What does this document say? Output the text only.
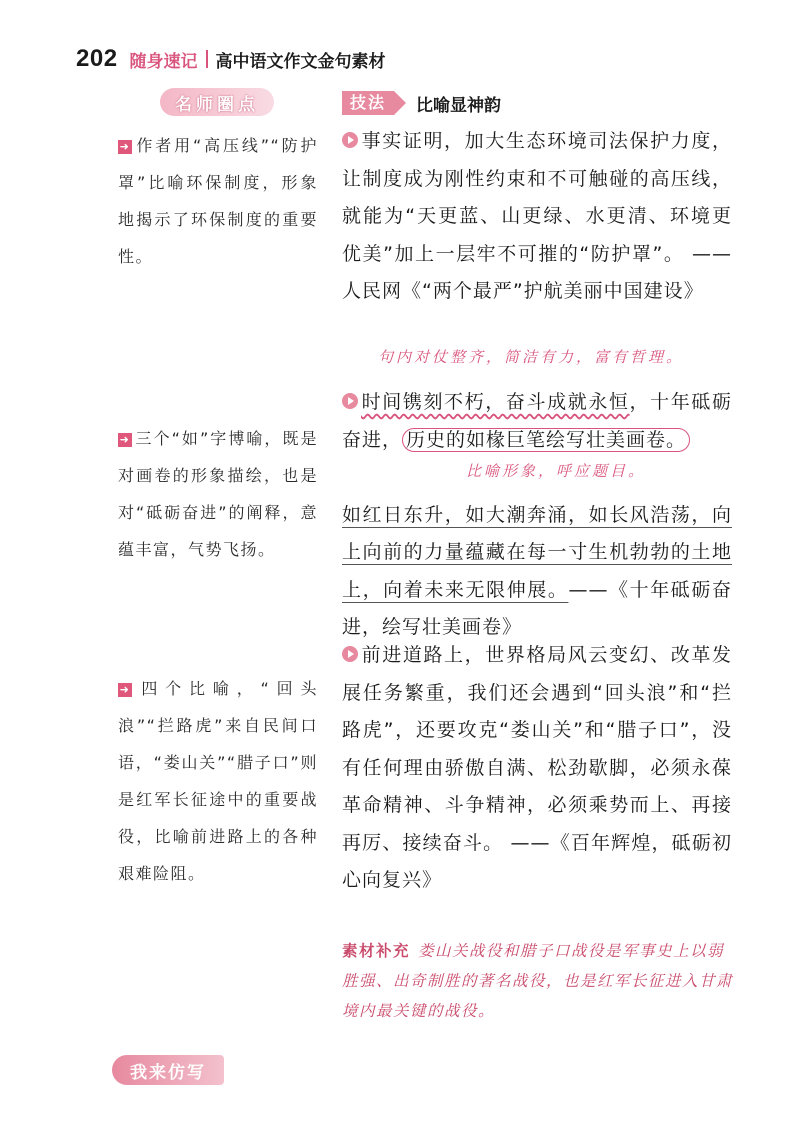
202 随身速记 高中语文作文金句素材
名师圈点	技法	比喻显神韵

➜ 作者用“高压线”“防护罩”比喻环保制度，形象地揭示了环保制度的重要性。

➜ 三个“如”字博喻，既是对画卷的形象描绘，也是对“砥砺奋进”的阐释，意蕴丰富，气势飞扬。

➜ 四个比喻，“回头浪”“拦路虎”来自民间口语，“娄山关”“腊子口”则是红军长征途中的重要战役，比喻前进路上的各种艰难险阻。

事实证明，加大生态环境司法保护力度，让制度成为刚性约束和不可触碰的高压线，就能为“天更蓝、山更绿、水更清、环境更优美”加上一层牢不可摧的“防护罩”。 ——人民网《“两个最严”护航美丽中国建设》

句内对仗整齐，简洁有力，富有哲理。

时间镌刻不朽，奋斗成就永恒，十年砥砺奋进， 历史的如椽巨笔绘写壮美画卷。

如红日东升，如大潮奔涌，如长风浩荡，向上向前的力量蕴藏在每一寸生机勃勃的土地上，向着未来无限伸展。——《十年砥砺奋进，绘写壮美画卷》

比喻形象，呼应题目。

前进道路上，世界格局风云变幻、改革发展任务繁重，我们还会遇到“回头浪”和“拦路虎”，还要攻克“娄山关”和“腊子口”，没有任何理由骄傲自满、松劲歇脚，必须永葆革命精神、斗争精神，必须乘势而上、再接再厉、接续奋斗。 ——《百年辉煌，砥砺初心向复兴》

素材补充 娄山关战役和腊子口战役是军事史上以弱胜强、出奇制胜的著名战役，也是红军长征进入甘肃境内最关键的战役。

我来仿写
